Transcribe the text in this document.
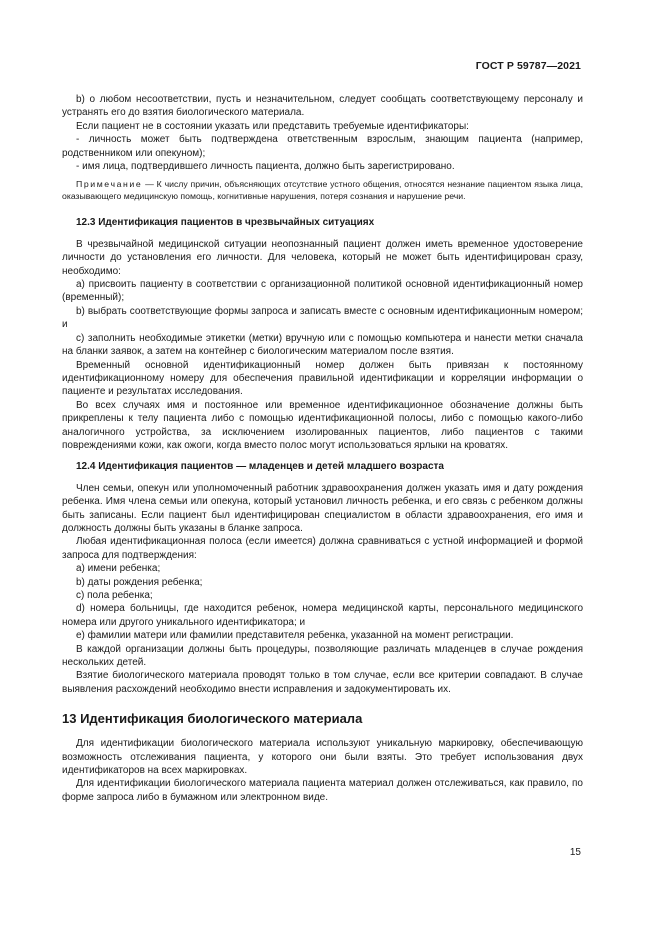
ГОСТ Р 59787—2021

b) о любом несоответствии, пусть и незначительном, следует сообщать соответствующему персоналу и устранять его до взятия биологического материала.

Если пациент не в состоянии указать или представить требуемые идентификаторы:

- личность может быть подтверждена ответственным взрослым, знающим пациента (например, родственником или опекуном);

- имя лица, подтвердившего личность пациента, должно быть зарегистрировано.

Примечание — К числу причин, объясняющих отсутствие устного общения, относятся незнание пациентом языка лица, оказывающего медицинскую помощь, когнитивные нарушения, потеря сознания и нарушение речи.

12.3 Идентификация пациентов в чрезвычайных ситуациях

В чрезвычайной медицинской ситуации неопознанный пациент должен иметь временное удостоверение личности до установления его личности. Для человека, который не может быть идентифицирован сразу, необходимо:

а) присвоить пациенту в соответствии с организационной политикой основной идентификационный номер (временный);

b) выбрать соответствующие формы запроса и записать вместе с основным идентификационным номером; и

с) заполнить необходимые этикетки (метки) вручную или с помощью компьютера и нанести метки сначала на бланки заявок, а затем на контейнер с биологическим материалом после взятия.

Временный основной идентификационный номер должен быть привязан к постоянному идентификационному номеру для обеспечения правильной идентификации и корреляции информации о пациенте и результатах исследования.

Во всех случаях имя и постоянное или временное идентификационное обозначение должны быть прикреплены к телу пациента либо с помощью идентификационной полосы, либо с помощью какого-либо аналогичного устройства, за исключением изолированных пациентов, либо пациентов с такими повреждениями кожи, как ожоги, когда вместо полос могут использоваться ярлыки на кроватях.

12.4 Идентификация пациентов — младенцев и детей младшего возраста

Член семьи, опекун или уполномоченный работник здравоохранения должен указать имя и дату рождения ребенка. Имя члена семьи или опекуна, который установил личность ребенка, и его связь с ребенком должны быть записаны. Если пациент был идентифицирован специалистом в области здравоохранения, его имя и должность должны быть указаны в бланке запроса.

Любая идентификационная полоса (если имеется) должна сравниваться с устной информацией и формой запроса для подтверждения:

a) имени ребенка;

b) даты рождения ребенка;

c) пола ребенка;

d) номера больницы, где находится ребенок, номера медицинской карты, персонального медицинского номера или другого уникального идентификатора; и

e) фамилии матери или фамилии представителя ребенка, указанной на момент регистрации.

В каждой организации должны быть процедуры, позволяющие различать младенцев в случае рождения нескольких детей.

Взятие биологического материала проводят только в том случае, если все критерии совпадают. В случае выявления расхождений необходимо внести исправления и задокументировать их.

13 Идентификация биологического материала

Для идентификации биологического материала используют уникальную маркировку, обеспечивающую возможность отслеживания пациента, у которого они были взяты. Это требует использования двух идентификаторов на всех маркировках.

Для идентификации биологического материала пациента материал должен отслеживаться, как правило, по форме запроса либо в бумажном или электронном виде.

15
